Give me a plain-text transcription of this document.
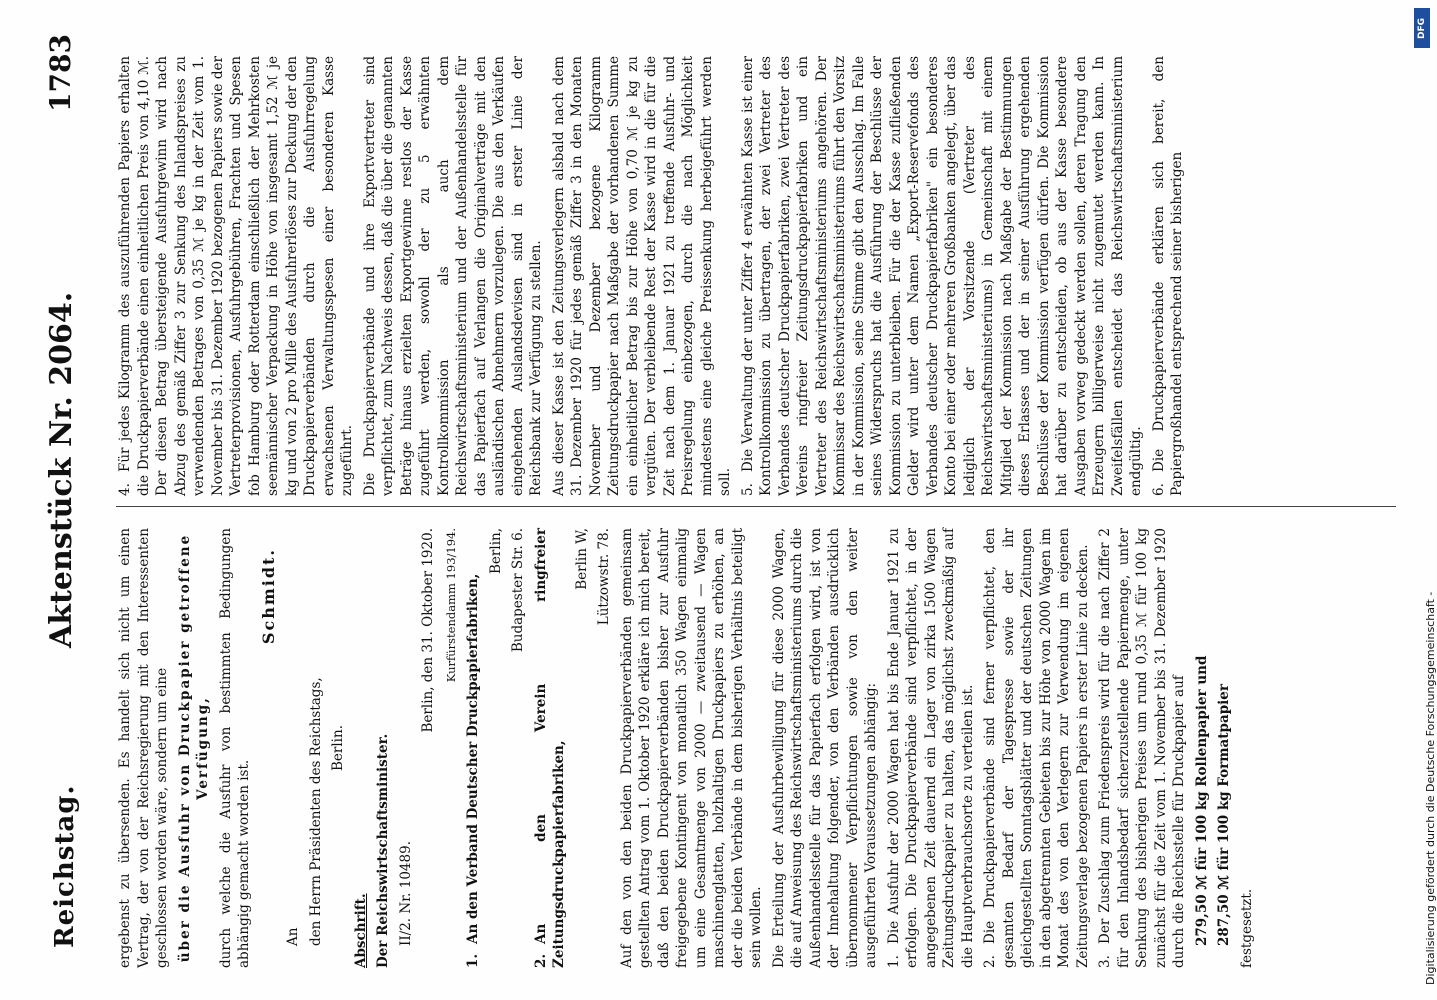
Reichstag.
Aktenstück Nr. 2064.
1783

ergebenst zu übersenden. Es handelt sich nicht um einen Vertrag, der von der Reichsregierung mit den Interessenten geschlossen worden wäre, sondern um eine über die Ausfuhr von Druckpapier getroffene Verfügung, durch welche die Ausfuhr von bestimmten Bedingungen abhängig gemacht worden ist.

Schmidt.

An den Herrn Präsidenten des Reichstags, Berlin.

Abschrift. Der Reichswirtschaftsminister. II/2. Nr. 10489.

Berlin, den 31. Oktober 1920. Kurfürstendamm 193/194.

1.An den Verband Deutscher Druckpapierfabriken,

Berlin, Budapester Str. 6.

2.An den Verein ringfreier Zeitungsdruckpapierfabriken,

Berlin W, Lützowstr. 78. Auf den von den beiden Druckpapierverbänden gemeinsam gestellten Antrag vom 1. Oktober 1920 erkläre ich mich bereit, daß den beiden Druckpapierverbänden bisher zur Ausfuhr freigegebene Kontingent von monatlich 350 Wagen einmalig um eine Gesamtmenge von 2000 — zweitausend — Wagen maschinenglatten, holzhaltigen Druckpapiers zu erhöhen, an der die beiden Verbände in dem bisherigen Verhältnis beteiligt sein wollen. Die Erteilung der Ausfuhrbewilligung für diese 2000 Wagen, die auf Anweisung des Reichswirtschaftsministeriums durch die Außenhandelsstelle für das Papierfach erfolgen wird, ist von der Innehaltung folgender, von den Verbänden ausdrücklich übernommener Verpflichtungen sowie von den weiter ausgeführten Voraussetzungen abhängig: 1.Die Ausfuhr der 2000 Wagen hat bis Ende Januar 1921 zu erfolgen. Die Druckpapierverbände sind verpflichtet, in der angegebenen Zeit dauernd ein Lager von zirka 1500 Wagen Zeitungsdruckpapier zu halten, das möglichst zweckmäßig auf die Hauptverbrauchsorte zu verteilen ist. 2.Die Druckpapierverbände sind ferner verpflichtet, den gesamten Bedarf der Tagespresse sowie der ihr gleichgestellten Sonntagsblätter und der deutschen Zeitungen in den abgetrennten Gebieten bis zur Höhe von 2000 Wagen im Monat des von den Verlegern zur Verwendung im eigenen Zeitungsverlage bezogenen Papiers in erster Linie zu decken. 3.Der Zuschlag zum Friedenspreis wird für die nach Ziffer 2 für den Inlandsbedarf sicherzustellende Papiermenge, unter Senkung des bisherigen Preises um rund 0,35 ℳ für 100 kg zunächst für die Zeit vom 1. November bis 31. Dezember 1920 durch die Reichsstelle für Druckpapier auf 279,50 ℳ für 100 kg Rollenpapier und 287,50 ℳ für 100 kg Formatpapier festgesetzt.

4.Für jedes Kilogramm des auszuführenden Papiers erhalten die Druckpapierverbände einen einheitlichen Preis von 4,10 ℳ. Der diesen Betrag übersteigende Ausfuhrgewinn wird nach Abzug des gemäß Ziffer 3 zur Senkung des Inlandspreises zu verwendenden Betrages von 0,35 ℳ je kg in der Zeit vom 1. November bis 31. Dezember 1920 bezogenen Papiers sowie der Vertreterprovisionen, Ausfuhrgebühren, Frachten und Spesen fob Hamburg oder Rotterdam einschließlich der Mehrkosten seemännischer Verpackung in Höhe von insgesamt 1,52 ℳ je kg und von 2 pro Mille des Ausfuhrerlöses zur Deckung der den Druckpapierverbänden durch die Ausfuhrregelung erwachsenen Verwaltungsspesen einer besonderen Kasse zugeführt. Die Druckpapierverbände und ihre Exportvertreter sind verpflichtet, zum Nachweis dessen, daß die über die genannten Beträge hinaus erzielten Exportgewinne restlos der Kasse zugeführt werden, sowohl der zu 5 erwähnten Kontrollkommission als auch dem Reichswirtschaftsministerium und der Außenhandelsstelle für das Papierfach auf Verlangen die Originalverträge mit den ausländischen Abnehmern vorzulegen. Die aus den Verkäufen eingehenden Auslandsdevisen sind in erster Linie der Reichsbank zur Verfügung zu stellen. Aus dieser Kasse ist den Zeitungsverlegern alsbald nach dem 31. Dezember 1920 für jedes gemäß Ziffer 3 in den Monaten November und Dezember bezogene Kilogramm Zeitungsdruckpapier nach Maßgabe der vorhandenen Summe ein einheitlicher Betrag bis zur Höhe von 0,70 ℳ je kg zu vergüten. Der verbleibende Rest der Kasse wird in die für die Zeit nach dem 1. Januar 1921 zu treffende Ausfuhr- und Preisregelung einbezogen, durch die nach Möglichkeit mindestens eine gleiche Preissenkung herbeigeführt werden soll. 5.Die Verwaltung der unter Ziffer 4 erwähnten Kasse ist einer Kontrollkommission zu übertragen, der zwei Vertreter des Verbandes deutscher Druckpapierfabriken, zwei Vertreter des Vereins ringfreier Zeitungsdruckpapierfabriken und ein Vertreter des Reichswirtschaftsministeriums angehören. Der Kommissar des Reichswirtschaftsministeriums führt den Vorsitz in der Kommission, seine Stimme gibt den Ausschlag. Im Falle seines Widerspruchs hat die Ausführung der Beschlüsse der Kommission zu unterbleiben. Für die der Kasse zufließenden Gelder wird unter dem Namen „Export-Reservefonds des Verbandes deutscher Druckpapierfabriken" ein besonderes Konto bei einer oder mehreren Großbanken angelegt, über das lediglich der Vorsitzende (Vertreter des Reichswirtschaftsministeriums) in Gemeinschaft mit einem Mitglied der Kommission nach Maßgabe der Bestimmungen dieses Erlasses und der in seiner Ausführung ergehenden Beschlüsse der Kommission verfügen dürfen. Die Kommission hat darüber zu entscheiden, ob aus der Kasse besondere Ausgaben vorweg gedeckt werden sollen, deren Tragung den Erzeugern billigerweise nicht zugemutet werden kann. In Zweifelsfällen entscheidet das Reichswirtschaftsministerium endgültig. 6.Die Druckpapierverbände erklären sich bereit, den Papiergroßhandel entsprechend seiner bisherigen

Digitalisierung gefördert durch die Deutsche Forschungsgemeinschaft -
DFG
